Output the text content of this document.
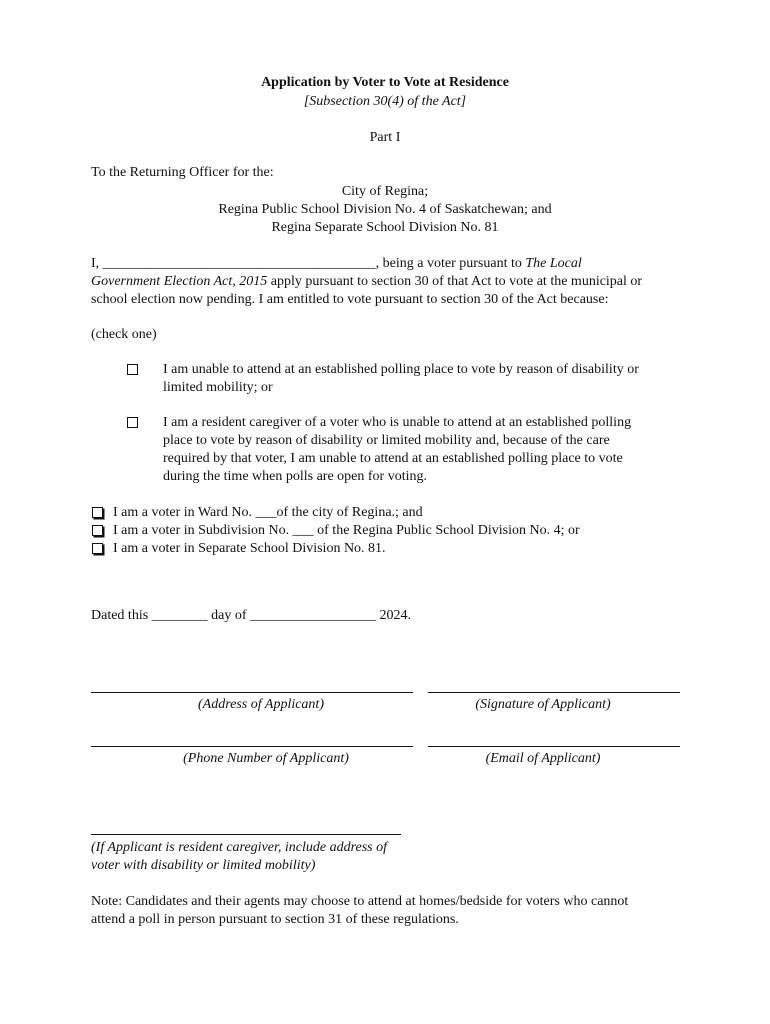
Application by Voter to Vote at Residence
[Subsection 30(4) of the Act]
Part I
To the Returning Officer for the:
City of Regina;
Regina Public School Division No. 4 of Saskatchewan; and
Regina Separate School Division No. 81
I, _______________________________________, being a voter pursuant to The Local
Government Election Act, 2015 apply pursuant to section 30 of that Act to vote at the municipal or
school election now pending. I am entitled to vote pursuant to section 30 of the Act because:
(check one)
I am unable to attend at an established polling place to vote by reason of disability or
limited mobility; or
I am a resident caregiver of a voter who is unable to attend at an established polling
place to vote by reason of disability or limited mobility and, because of the care
required by that voter, I am unable to attend at an established polling place to vote
during the time when polls are open for voting.
I am a voter in Ward No. ___of the city of Regina.; and
I am a voter in Subdivision No. ___ of the Regina Public School Division No. 4; or
I am a voter in Separate School Division No. 81.
Dated this ________ day of __________________ 2024.
(Address of Applicant)	(Signature of Applicant)
(Phone Number of Applicant)	(Email of Applicant)
(If Applicant is resident caregiver, include address of
voter with disability or limited mobility)
Note: Candidates and their agents may choose to attend at homes/bedside for voters who cannot
attend a poll in person pursuant to section 31 of these regulations.
